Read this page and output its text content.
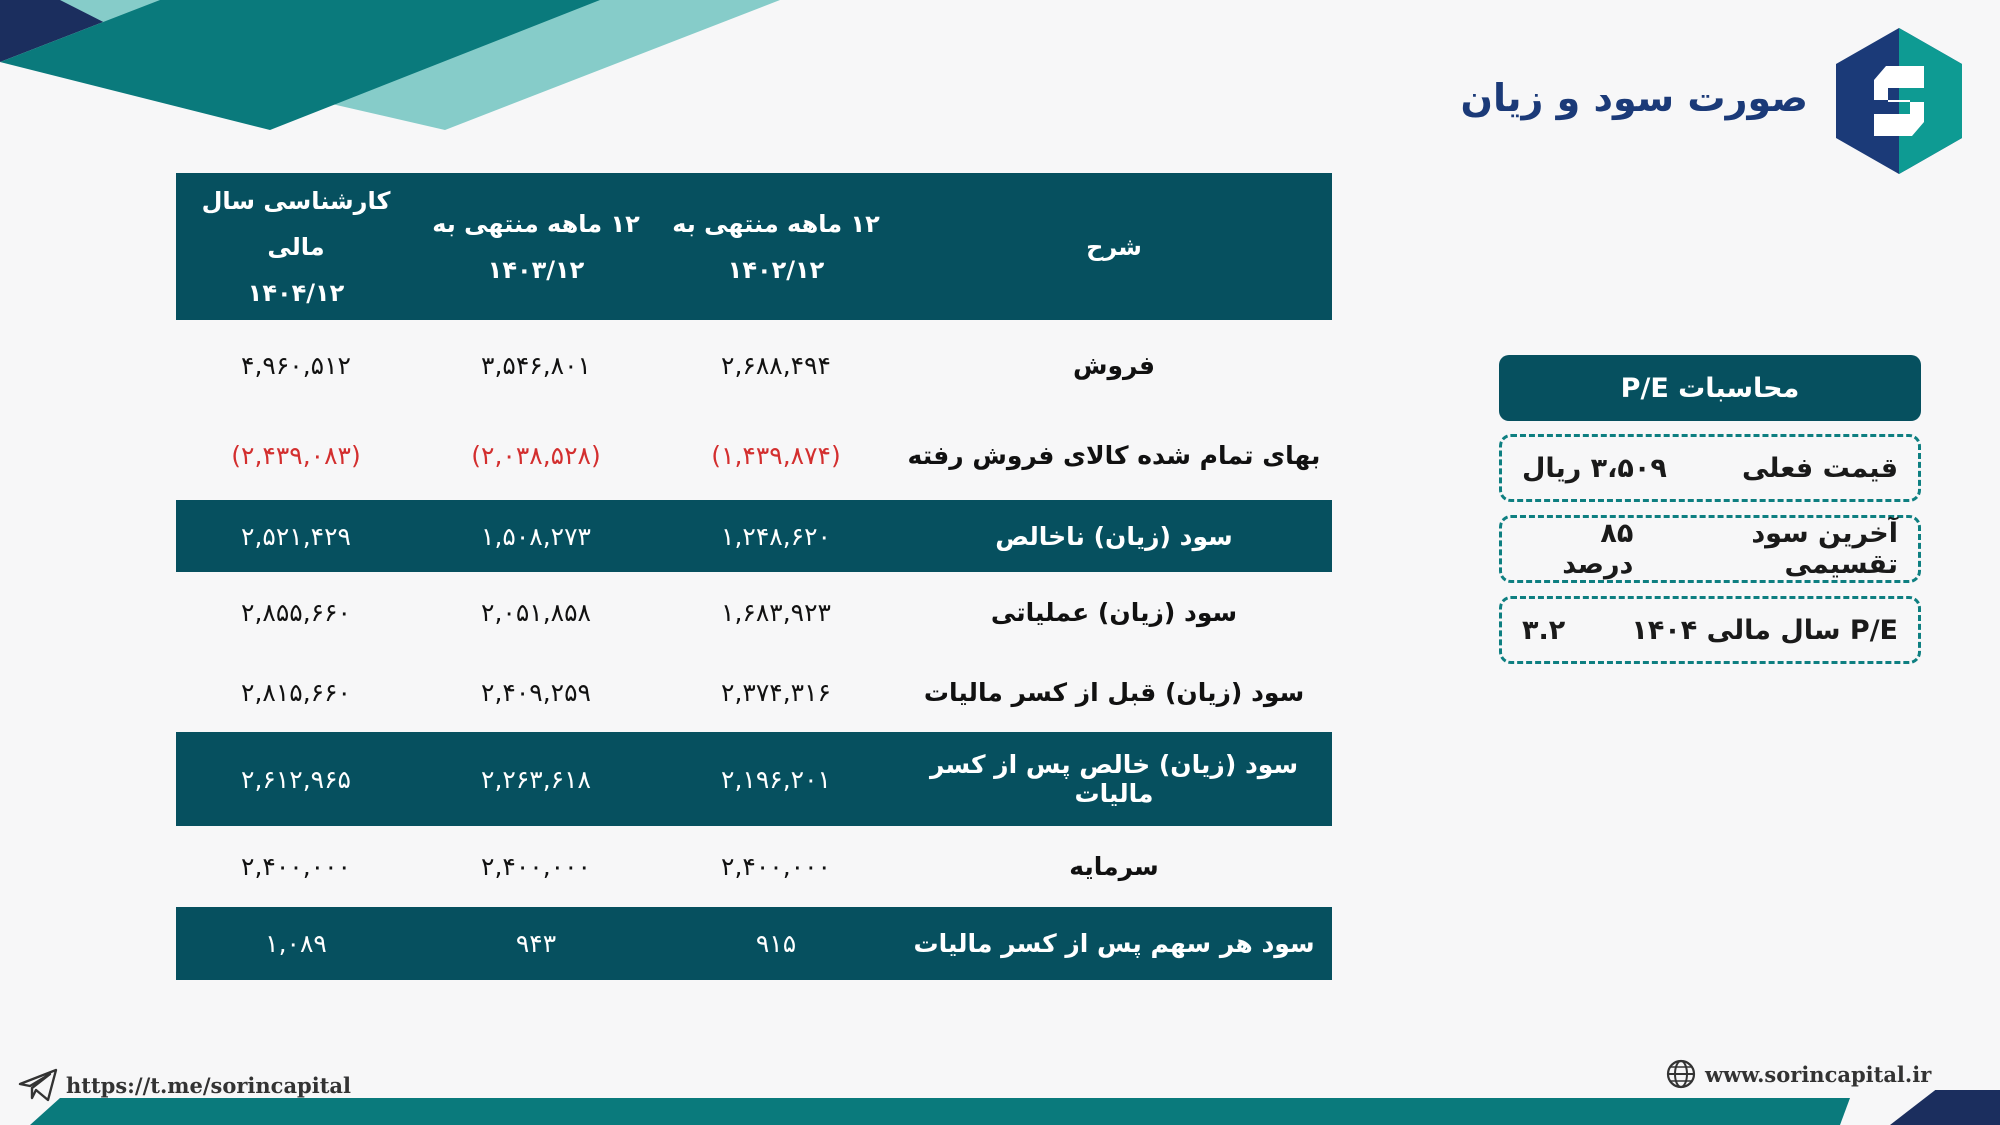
صورت سود و زیان
شرح
۱۲ ماهه منتهی به
۱۴۰۲/۱۲
۱۲ ماهه منتهی به
۱۴۰۳/۱۲
کارشناسی سال مالی
۱۴۰۴/۱۲
فروش
۲,۶۸۸,۴۹۴
۳,۵۴۶,۸۰۱
۴,۹۶۰,۵۱۲
بهای تمام شده کالای فروش رفته
(۱,۴۳۹,۸۷۴)
(۲,۰۳۸,۵۲۸)
(۲,۴۳۹,۰۸۳)
سود (زیان) ناخالص
۱,۲۴۸,۶۲۰
۱,۵۰۸,۲۷۳
۲,۵۲۱,۴۲۹
سود (زیان) عملیاتی
۱,۶۸۳,۹۲۳
۲,۰۵۱,۸۵۸
۲,۸۵۵,۶۶۰
سود (زیان) قبل از کسر مالیات
۲,۳۷۴,۳۱۶
۲,۴۰۹,۲۵۹
۲,۸۱۵,۶۶۰
سود (زیان) خالص پس از کسر مالیات
۲,۱۹۶,۲۰۱
۲,۲۶۳,۶۱۸
۲,۶۱۲,۹۶۵
سرمایه
۲,۴۰۰,۰۰۰
۲,۴۰۰,۰۰۰
۲,۴۰۰,۰۰۰
سود هر سهم پس از کسر مالیات
۹۱۵
۹۴۳
۱,۰۸۹
محاسبات P/E
قیمت فعلی
۳،۵۰۹ ریال
آخرین سود تقسیمی
۸۵ درصد
P/E سال مالی ۱۴۰۴
۳.۲
https://t.me/sorincapital	www.sorincapital.ir
